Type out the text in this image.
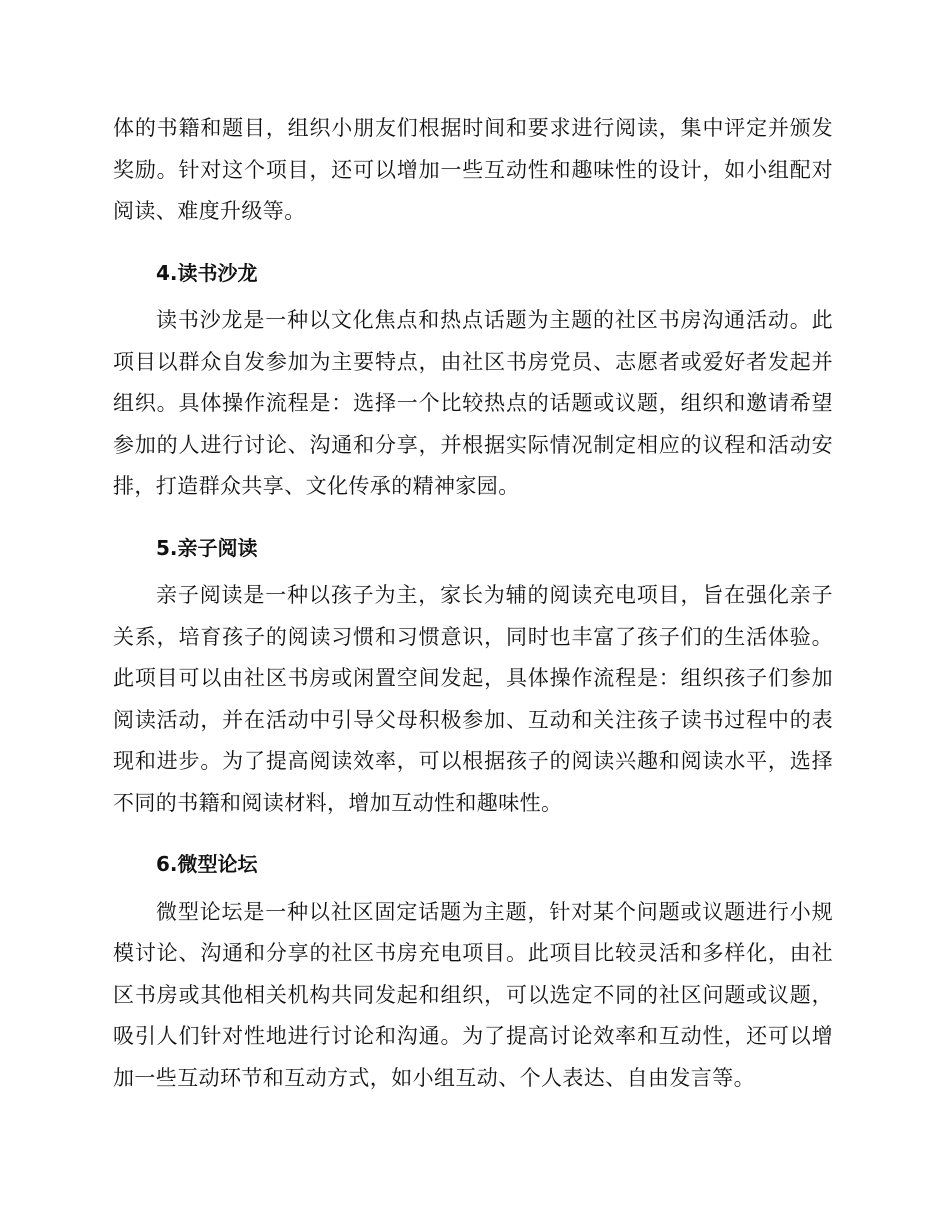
体的书籍和题目，组织小朋友们根据时间和要求进行阅读，集中评定并颁发奖励。针对这个项目，还可以增加一些互动性和趣味性的设计，如小组配对阅读、难度升级等。

4.读书沙龙

读书沙龙是一种以文化焦点和热点话题为主题的社区书房沟通活动。此项目以群众自发参加为主要特点，由社区书房党员、志愿者或爱好者发起并组织。具体操作流程是：选择一个比较热点的话题或议题，组织和邀请希望参加的人进行讨论、沟通和分享，并根据实际情况制定相应的议程和活动安排，打造群众共享、文化传承的精神家园。

5.亲子阅读

亲子阅读是一种以孩子为主，家长为辅的阅读充电项目，旨在强化亲子关系，培育孩子的阅读习惯和习惯意识，同时也丰富了孩子们的生活体验。此项目可以由社区书房或闲置空间发起，具体操作流程是：组织孩子们参加阅读活动，并在活动中引导父母积极参加、互动和关注孩子读书过程中的表现和进步。为了提高阅读效率，可以根据孩子的阅读兴趣和阅读水平，选择不同的书籍和阅读材料，增加互动性和趣味性。

6.微型论坛

微型论坛是一种以社区固定话题为主题，针对某个问题或议题进行小规模讨论、沟通和分享的社区书房充电项目。此项目比较灵活和多样化，由社区书房或其他相关机构共同发起和组织，可以选定不同的社区问题或议题，吸引人们针对性地进行讨论和沟通。为了提高讨论效率和互动性，还可以增加一些互动环节和互动方式，如小组互动、个人表达、自由发言等。
